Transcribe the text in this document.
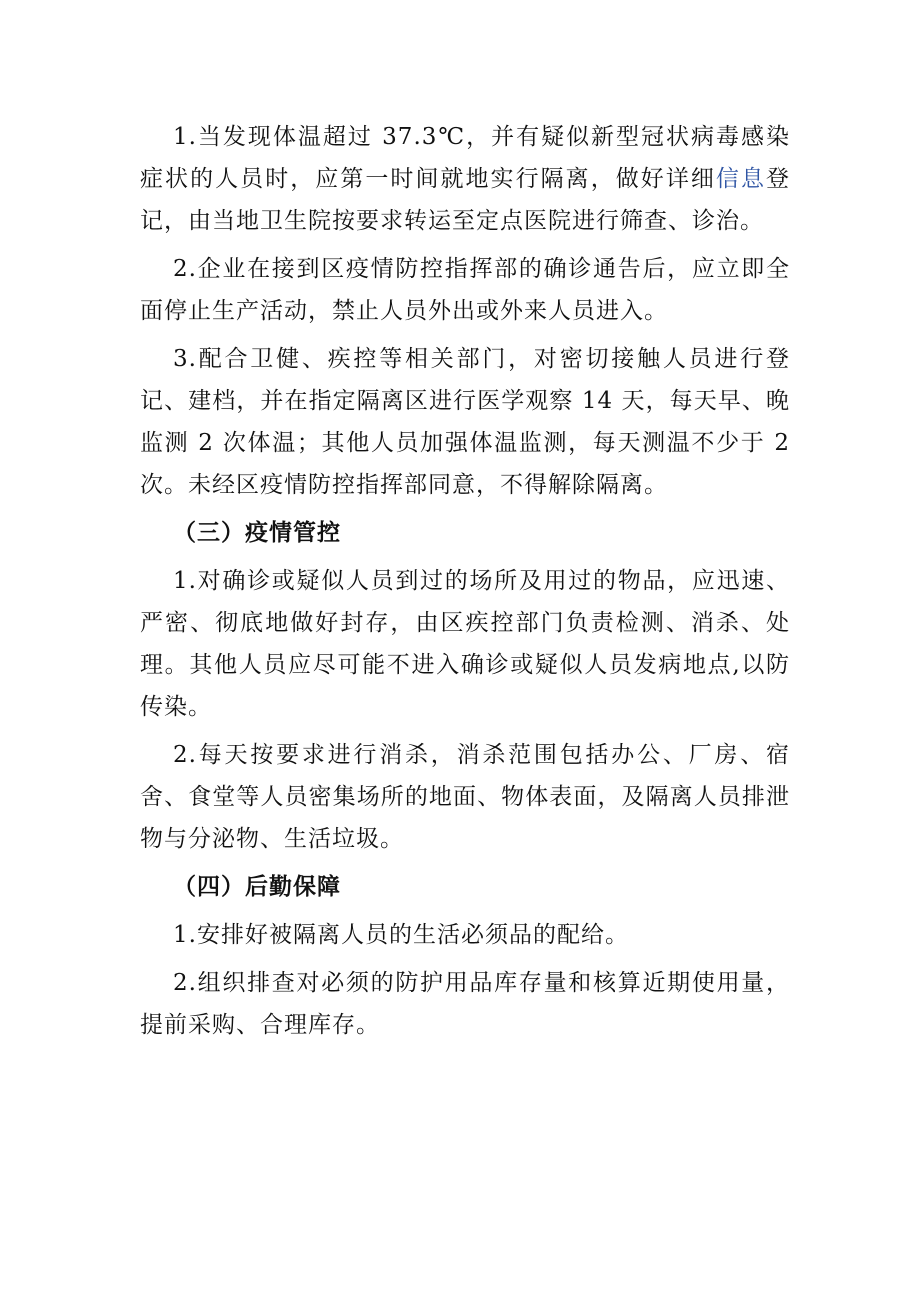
1.当发现体温超过 37.3℃，并有疑似新型冠状病毒感染症状的人员时，应第一时间就地实行隔离，做好详细信息登记，由当地卫生院按要求转运至定点医院进行筛查、诊治。

2.企业在接到区疫情防控指挥部的确诊通告后，应立即全面停止生产活动，禁止人员外出或外来人员进入。

3.配合卫健、疾控等相关部门，对密切接触人员进行登记、建档，并在指定隔离区进行医学观察 14 天，每天早、晚监测 2 次体温；其他人员加强体温监测，每天测温不少于 2 次。未经区疫情防控指挥部同意，不得解除隔离。

（三）疫情管控

1.对确诊或疑似人员到过的场所及用过的物品，应迅速、严密、彻底地做好封存，由区疾控部门负责检测、消杀、处理。其他人员应尽可能不进入确诊或疑似人员发病地点,以防传染。

2.每天按要求进行消杀，消杀范围包括办公、厂房、宿舍、食堂等人员密集场所的地面、物体表面，及隔离人员排泄物与分泌物、生活垃圾。

（四）后勤保障

1.安排好被隔离人员的生活必须品的配给。

2.组织排查对必须的防护用品库存量和核算近期使用量，提前采购、合理库存。
